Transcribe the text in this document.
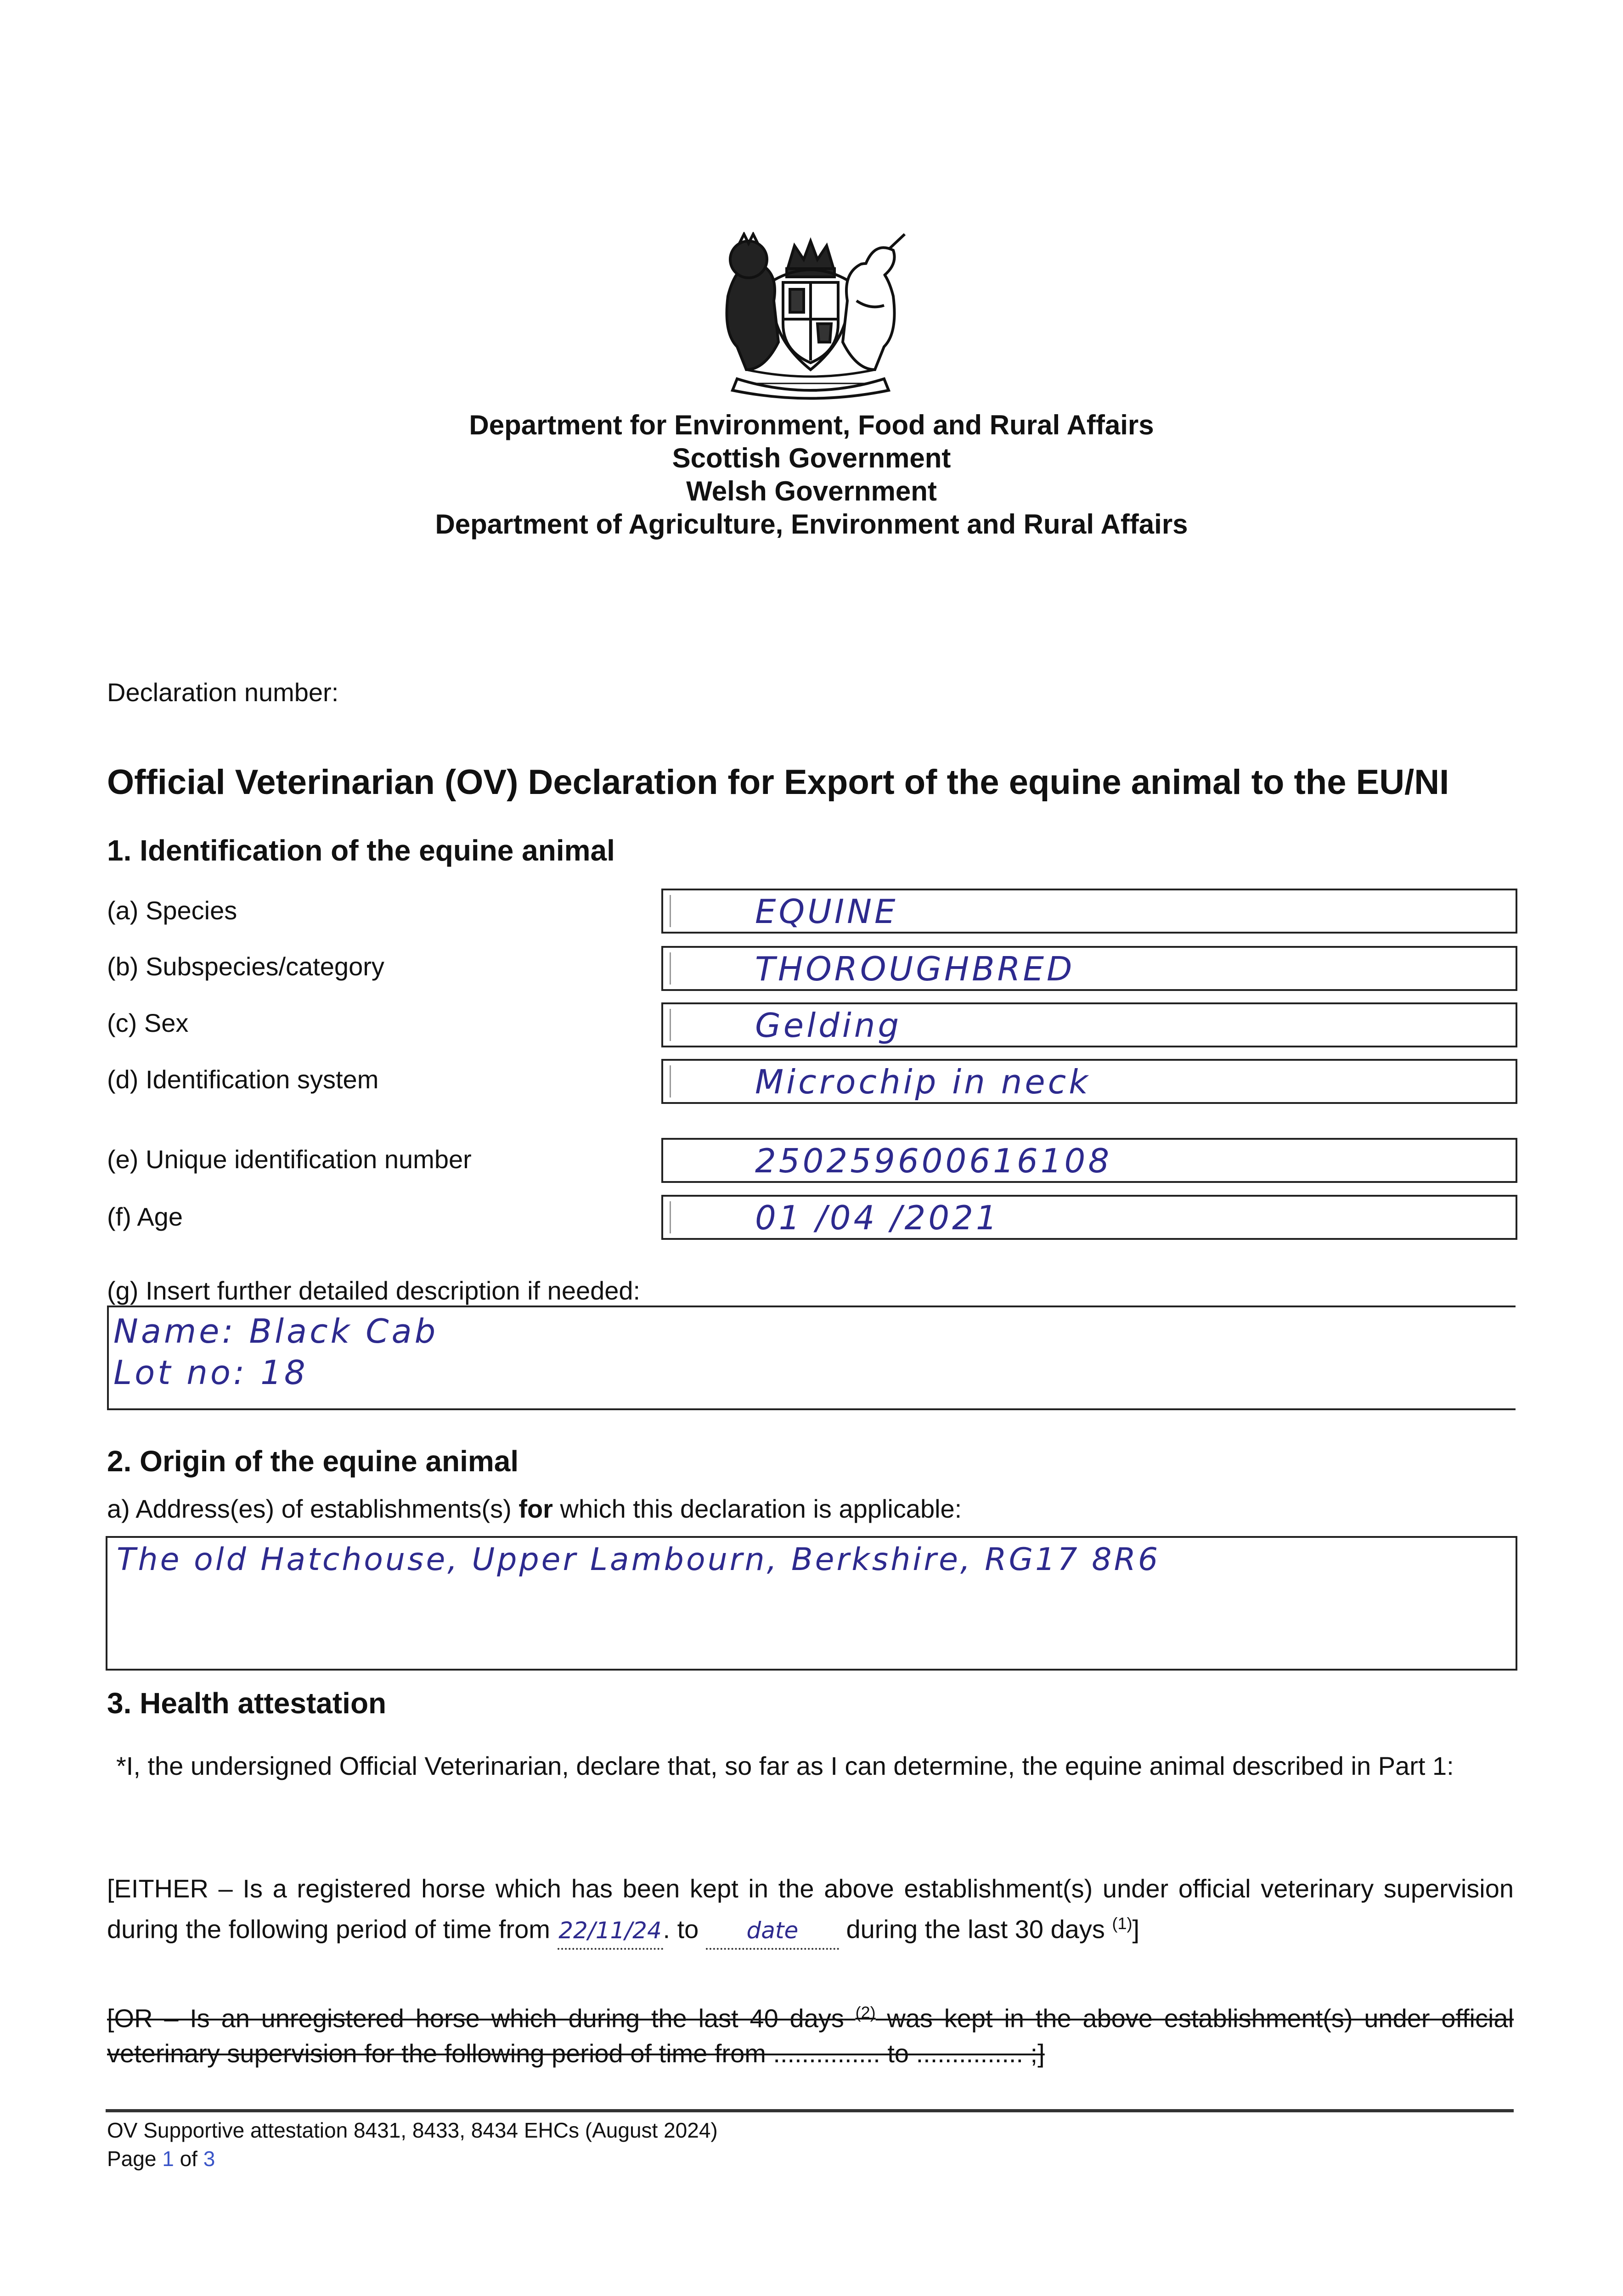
Department for Environment, Food and Rural Affairs
Scottish Government
Welsh Government
Department of Agriculture, Environment and Rural Affairs
Declaration number:
Official Veterinarian (OV) Declaration for Export of the equine animal to the EU/NI
1. Identification of the equine animal
(a) Species	EQUINE
(b) Subspecies/category	THOROUGHBRED
(c) Sex	Gelding
(d) Identification system	Microchip in neck
(e) Unique identification number	250259600616108
(f) Age	01 /04 /2021
(g) Insert further detailed description if needed:
Name: Black Cab
Lot no: 18
2. Origin of the equine animal
a) Address(es) of establishments(s) for which this declaration is applicable:
The old Hatchouse, Upper Lambourn, Berkshire, RG17 8R6
3. Health attestation
*I, the undersigned Official Veterinarian, declare that, so far as I can determine, the equine animal described in Part 1:
[EITHER – Is a registered horse which has been kept in the above establishment(s) under official veterinary supervision during the following period of time from 22/11/24. to date during the last 30 days $^{(1)}$]
[OR – Is an unregistered horse which during the last 40 days $^{(2)}$ was kept in the above establishment(s) under official veterinary supervision for the following period of time from ............... to ............... ;]
OV Supportive attestation 8431, 8433, 8434 EHCs (August 2024)
Page 1 of 3
